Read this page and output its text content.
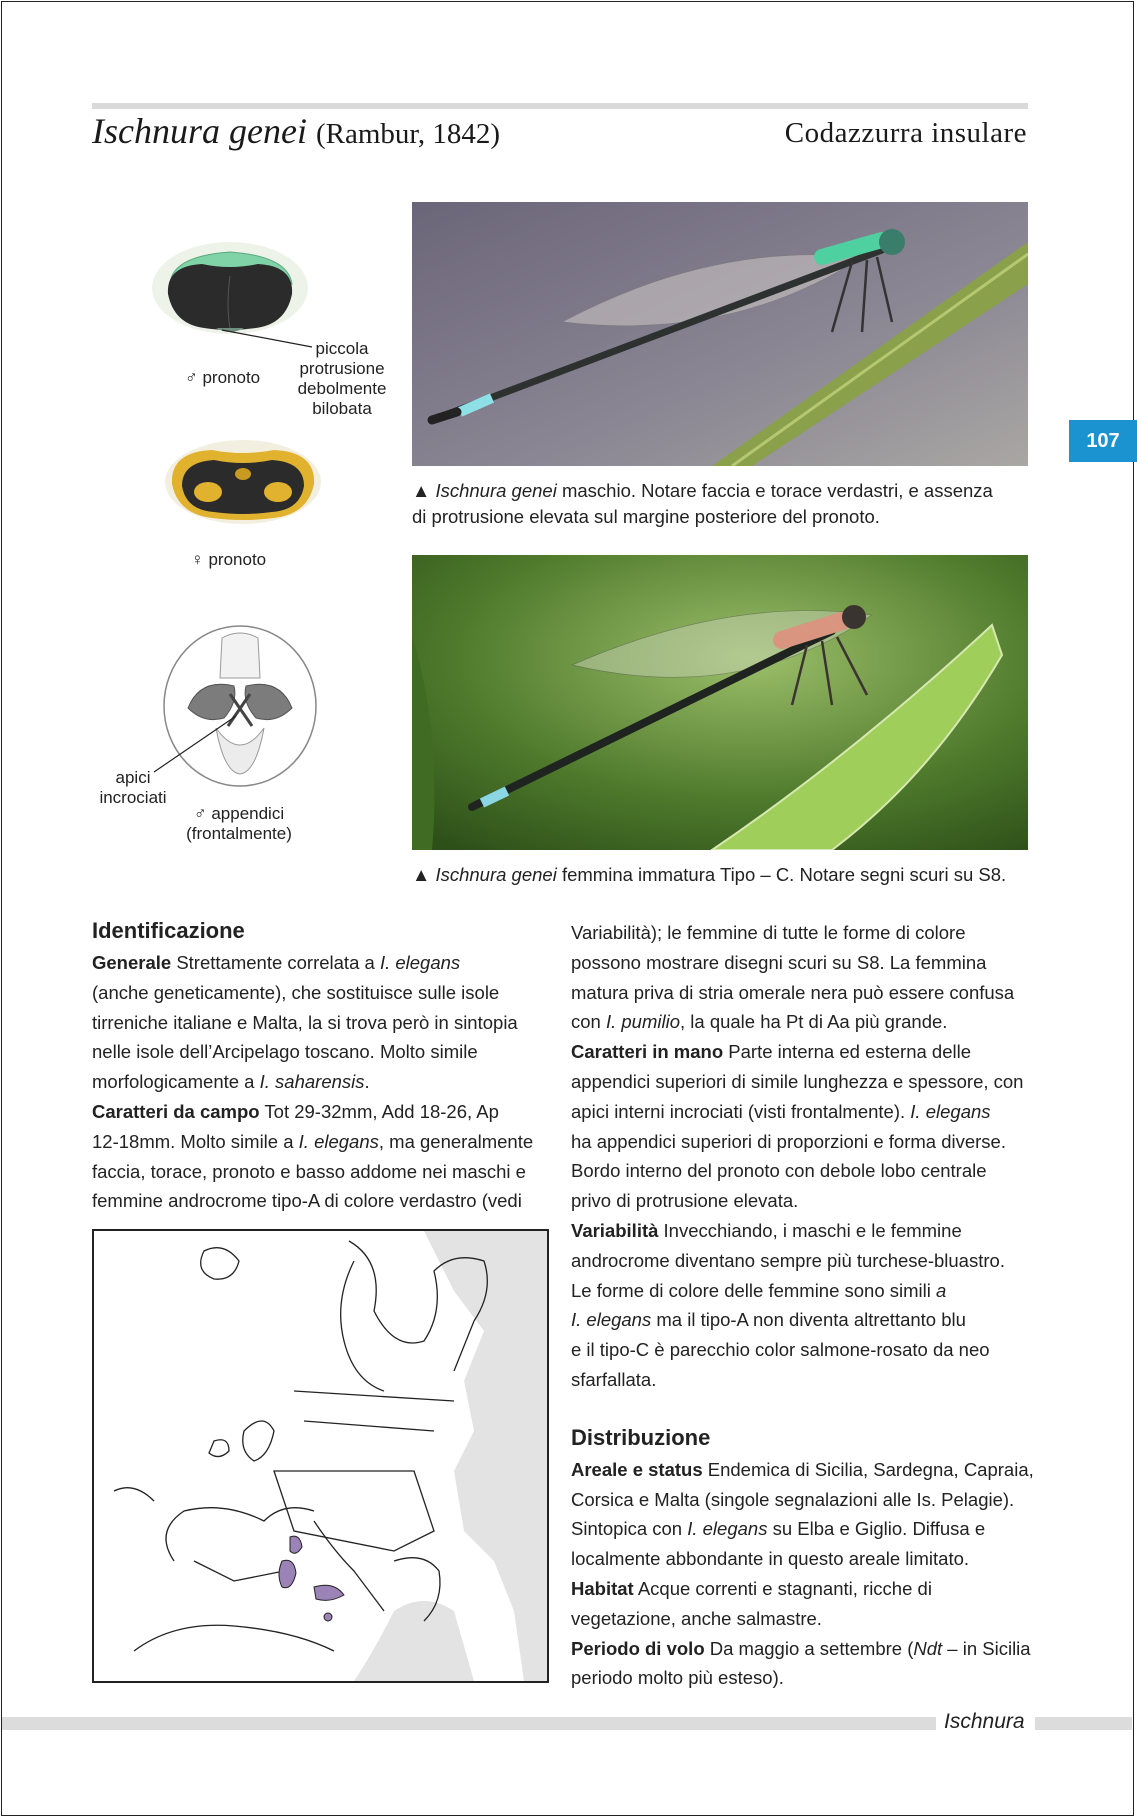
Ischnura genei (Rambur, 1842)	Codazzurra insulare
107
♂ pronoto
piccola
protrusione
debolmente
bilobata
♀ pronoto
apici
incrociati
♂ appendici
(frontalmente)
▲ Ischnura genei maschio. Notare faccia e torace verdastri, e assenza
di protrusione elevata sul margine posteriore del pronoto.
▲ Ischnura genei femmina immatura Tipo – C. Notare segni scuri su S8.
Identificazione

Generale Strettamente correlata a I. elegans

(anche geneticamente), che sostituisce sulle isole

tirreniche italiane e Malta, la si trova però in sintopia

nelle isole dell’Arcipelago toscano. Molto simile

morfologicamente a I. saharensis.

Caratteri da campo Tot 29-32mm, Add 18-26, Ap

12-18mm. Molto simile a I. elegans, ma generalmente

faccia, torace, pronoto e basso addome nei maschi e

femmine androcrome tipo-A di colore verdastro (vedi

Variabilità); le femmine di tutte le forme di colore

possono mostrare disegni scuri su S8. La femmina

matura priva di stria omerale nera può essere confusa

con I. pumilio, la quale ha Pt di Aa più grande.

Caratteri in mano Parte interna ed esterna delle

appendici superiori di simile lunghezza e spessore, con

apici interni incrociati (visti frontalmente). I. elegans

ha appendici superiori di proporzioni e forma diverse.

Bordo interno del pronoto con debole lobo centrale

privo di protrusione elevata.

Variabilità Invecchiando, i maschi e le femmine

androcrome diventano sempre più turchese-bluastro.

Le forme di colore delle femmine sono simili a

I. elegans ma il tipo-A non diventa altrettanto blu

e il tipo-C è parecchio color salmone-rosato da neo

sfarfallata.

Distribuzione

Areale e status Endemica di Sicilia, Sardegna, Capraia,

Corsica e Malta (singole segnalazioni alle Is. Pelagie).

Sintopica con I. elegans su Elba e Giglio. Diffusa e

localmente abbondante in questo areale limitato.

Habitat Acque correnti e stagnanti, ricche di

vegetazione, anche salmastre.

Periodo di volo Da maggio a settembre (Ndt – in Sicilia

periodo molto più esteso).

Ischnura
